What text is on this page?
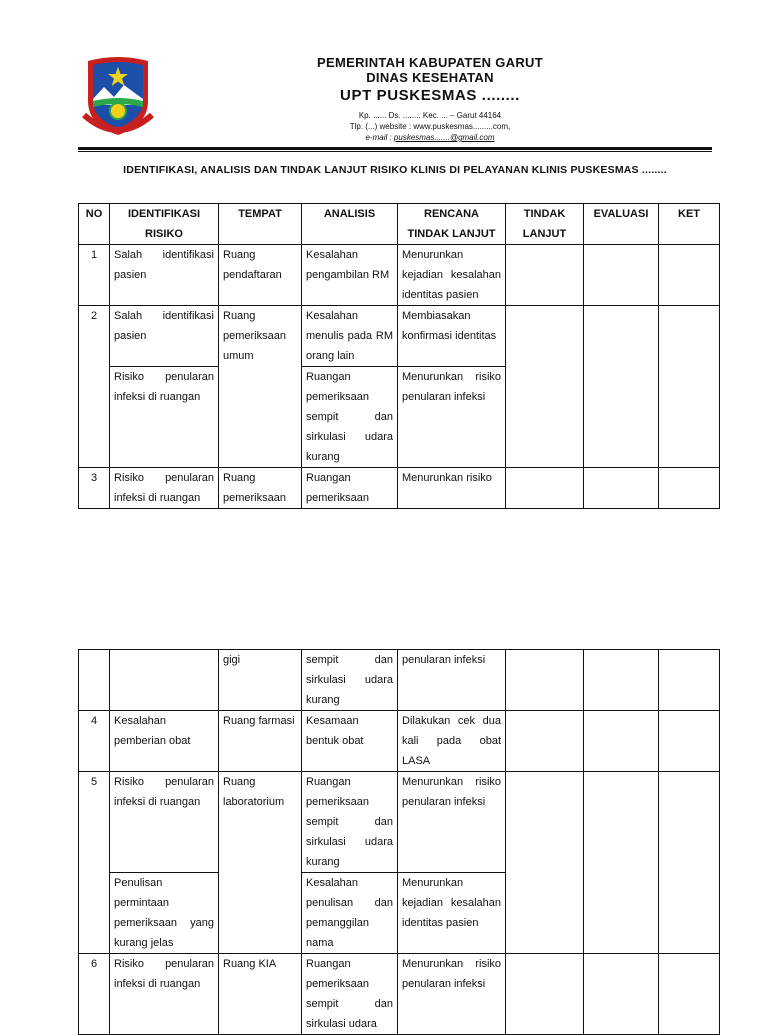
PEMERINTAH KABUPATEN GARUT
DINAS KESEHATAN
UPT PUSKESMAS ........
Kp. ...... Ds. ........ Kec. ... – Garut 44164
Tlp. (...) website : www.puskesmas.........com,
e-mail : puskesmas.......@gmail.com
IDENTIFIKASI, ANALISIS DAN TINDAK LANJUT RISIKO KLINIS DI PELAYANAN KLINIS PUSKESMAS ........
NO	IDENTIFIKASI RISIKO	TEMPAT	ANALISIS	RENCANA TINDAK LANJUT	TINDAK LANJUT	EVALUASI	KET
1	Salah identifikasi pasien	Ruang pendaftaran	Kesalahan pengambilan RM	Menurunkan kejadian kesalahan identitas pasien			
2	Salah identifikasi pasien	Ruang pemeriksaan umum	Kesalahan menulis pada RM orang lain	Membiasakan konfirmasi identitas			
	Risiko penularan infeksi di ruangan		Ruangan pemeriksaan sempit dan sirkulasi udara kurang	Menurunkan risiko penularan infeksi			
3	Risiko penularan infeksi di ruangan	Ruang pemeriksaan	Ruangan pemeriksaan	Menurunkan risiko			
		gigi	sempit dan sirkulasi udara kurang	penularan infeksi			
4	Kesalahan pemberian obat	Ruang farmasi	Kesamaan bentuk obat	Dilakukan cek dua kali pada obat LASA			
5	Risiko penularan infeksi di ruangan	Ruang laboratorium	Ruangan pemeriksaan sempit dan sirkulasi udara kurang	Menurunkan risiko penularan infeksi			
	Penulisan permintaan pemeriksaan yang kurang jelas		Kesalahan penulisan dan pemanggilan nama	Menurunkan kejadian kesalahan identitas pasien			
6	Risiko penularan infeksi di ruangan	Ruang KIA	Ruangan pemeriksaan sempit dan sirkulasi udara	Menurunkan risiko penularan infeksi			
